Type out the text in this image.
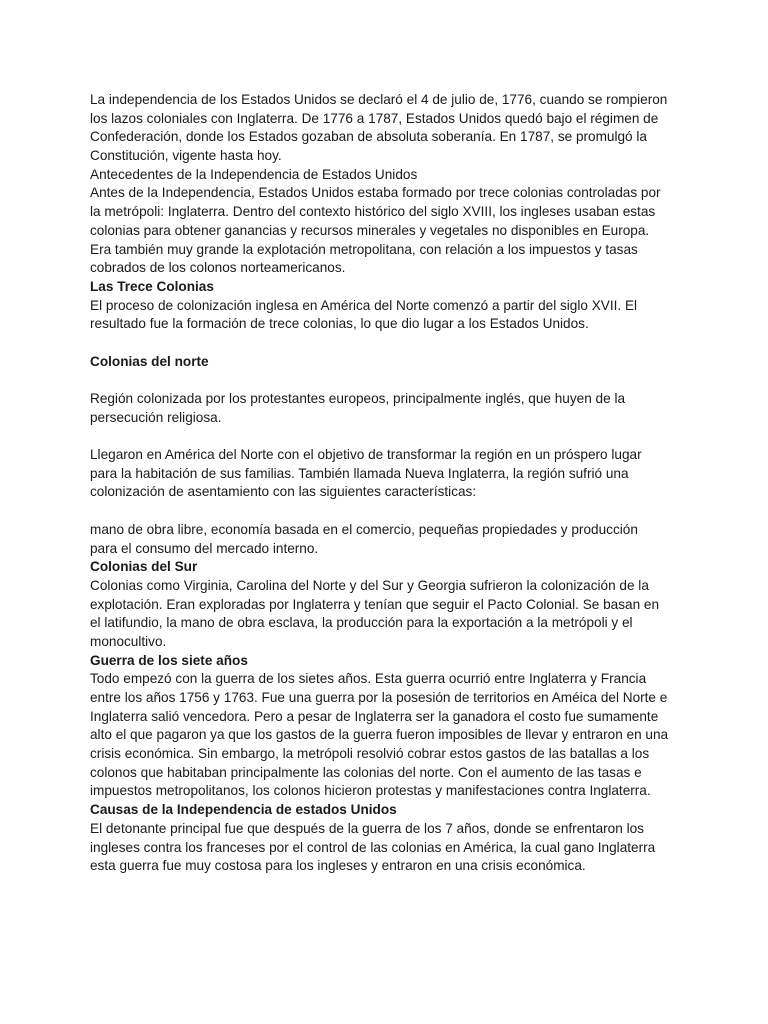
La independencia de los Estados Unidos se declaró el 4 de julio de, 1776, cuando se rompieron
los lazos coloniales con Inglaterra. De 1776 a 1787, Estados Unidos quedó bajo el régimen de
Confederación, donde los Estados gozaban de absoluta soberanía. En 1787, se promulgó la
Constitución, vigente hasta hoy.
Antecedentes de la Independencia de Estados Unidos
Antes de la Independencia, Estados Unidos estaba formado por trece colonias controladas por
la metrópoli: Inglaterra. Dentro del contexto histórico del siglo XVIII, los ingleses usaban estas
colonias para obtener ganancias y recursos minerales y vegetales no disponibles en Europa.
Era también muy grande la explotación metropolitana, con relación a los impuestos y tasas
cobrados de los colonos norteamericanos.
Las Trece Colonias
El proceso de colonización inglesa en América del Norte comenzó a partir del siglo XVII. El
resultado fue la formación de trece colonias, lo que dio lugar a los Estados Unidos.
Colonias del norte
Región colonizada por los protestantes europeos, principalmente inglés, que huyen de la
persecución religiosa.
Llegaron en América del Norte con el objetivo de transformar la región en un próspero lugar
para la habitación de sus familias. También llamada Nueva Inglaterra, la región sufrió una
colonización de asentamiento con las siguientes características:
mano de obra libre, economía basada en el comercio, pequeñas propiedades y producción
para el consumo del mercado interno.
Colonias del Sur
Colonias como Virginia, Carolina del Norte y del Sur y Georgia sufrieron la colonización de la
explotación. Eran exploradas por Inglaterra y tenían que seguir el Pacto Colonial. Se basan en
el latifundio, la mano de obra esclava, la producción para la exportación a la metrópoli y el
monocultivo.
Guerra de los siete años
Todo empezó con la guerra de los sietes años. Esta guerra ocurrió entre Inglaterra y Francia
entre los años 1756 y 1763. Fue una guerra por la posesión de territorios en Améica del Norte e
Inglaterra salió vencedora. Pero a pesar de Inglaterra ser la ganadora el costo fue sumamente
alto el que pagaron ya que los gastos de la guerra fueron imposibles de llevar y entraron en una
crisis económica. Sin embargo, la metrópoli resolvió cobrar estos gastos de las batallas a los
colonos que habitaban principalmente las colonias del norte. Con el aumento de las tasas e
impuestos metropolitanos, los colonos hicieron protestas y manifestaciones contra Inglaterra.
Causas de la Independencia de estados Unidos
El detonante principal fue que después de la guerra de los 7 años, donde se enfrentaron los
ingleses contra los franceses por el control de las colonias en América, la cual gano Inglaterra
esta guerra fue muy costosa para los ingleses y entraron en una crisis económica.
